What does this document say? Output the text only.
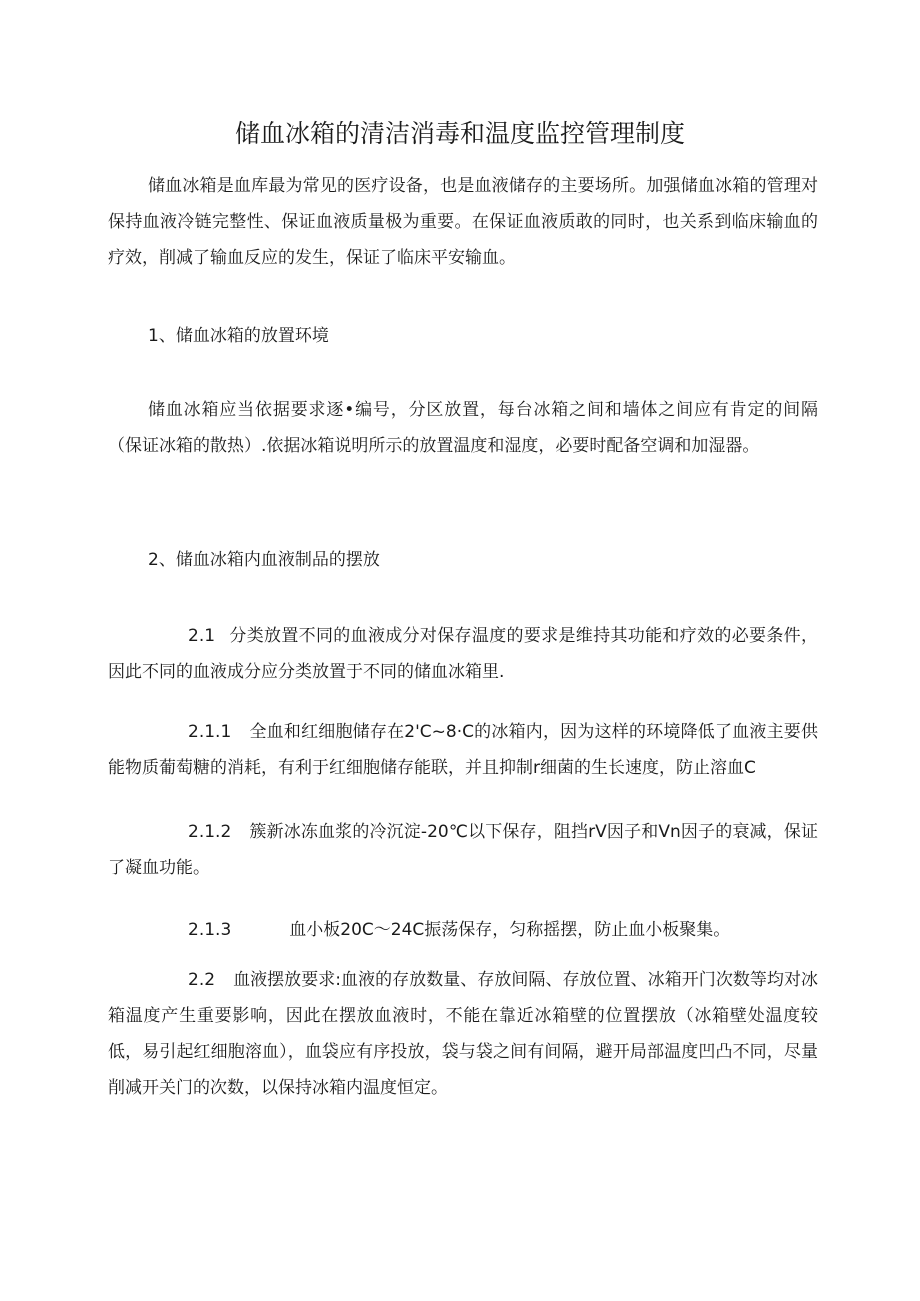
储血冰箱的清洁消毒和温度监控管理制度

储血冰箱是血库最为常见的医疗设备，也是血液储存的主要场所。加强储血冰箱的管理对保持血液冷链完整性、保证血液质量极为重要。在保证血液质敢的同时，也关系到临床输血的疗效，削减了输血反应的发生，保证了临床平安输血。

1、储血冰箱的放置环境

储血冰箱应当依据要求逐•编号，分区放置，每台冰箱之间和墙体之间应有肯定的间隔（保证冰箱的散热）.依据冰箱说明所示的放置温度和湿度，必要时配备空调和加湿器。

2、储血冰箱内血液制品的摆放

2.1 分类放置不同的血液成分对保存温度的要求是维持其功能和疗效的必要条件，因此不同的血液成分应分类放置于不同的储血冰箱里.

2.1.1 全血和红细胞储存在2'C~8·C的冰箱内，因为这样的环境降低了血液主要供能物质葡萄糖的消耗，有利于红细胞储存能联，并且抑制r细菌的生长速度，防止溶血C

2.1.2 簇新冰冻血浆的冷沉淀-20℃以下保存，阻挡rV因子和Vn因子的衰减，保证了凝血功能。

2.1.3	血小板20C～24C振荡保存，匀称摇摆，防止血小板聚集。

2.2 血液摆放要求:血液的存放数量、存放间隔、存放位置、冰箱开门次数等均对冰箱温度产生重要影响，因此在摆放血液时，不能在靠近冰箱壁的位置摆放（冰箱壁处温度较低，易引起红细胞溶血），血袋应有序投放，袋与袋之间有间隔，避开局部温度凹凸不同，尽量削减开关门的次数，以保持冰箱内温度恒定。
